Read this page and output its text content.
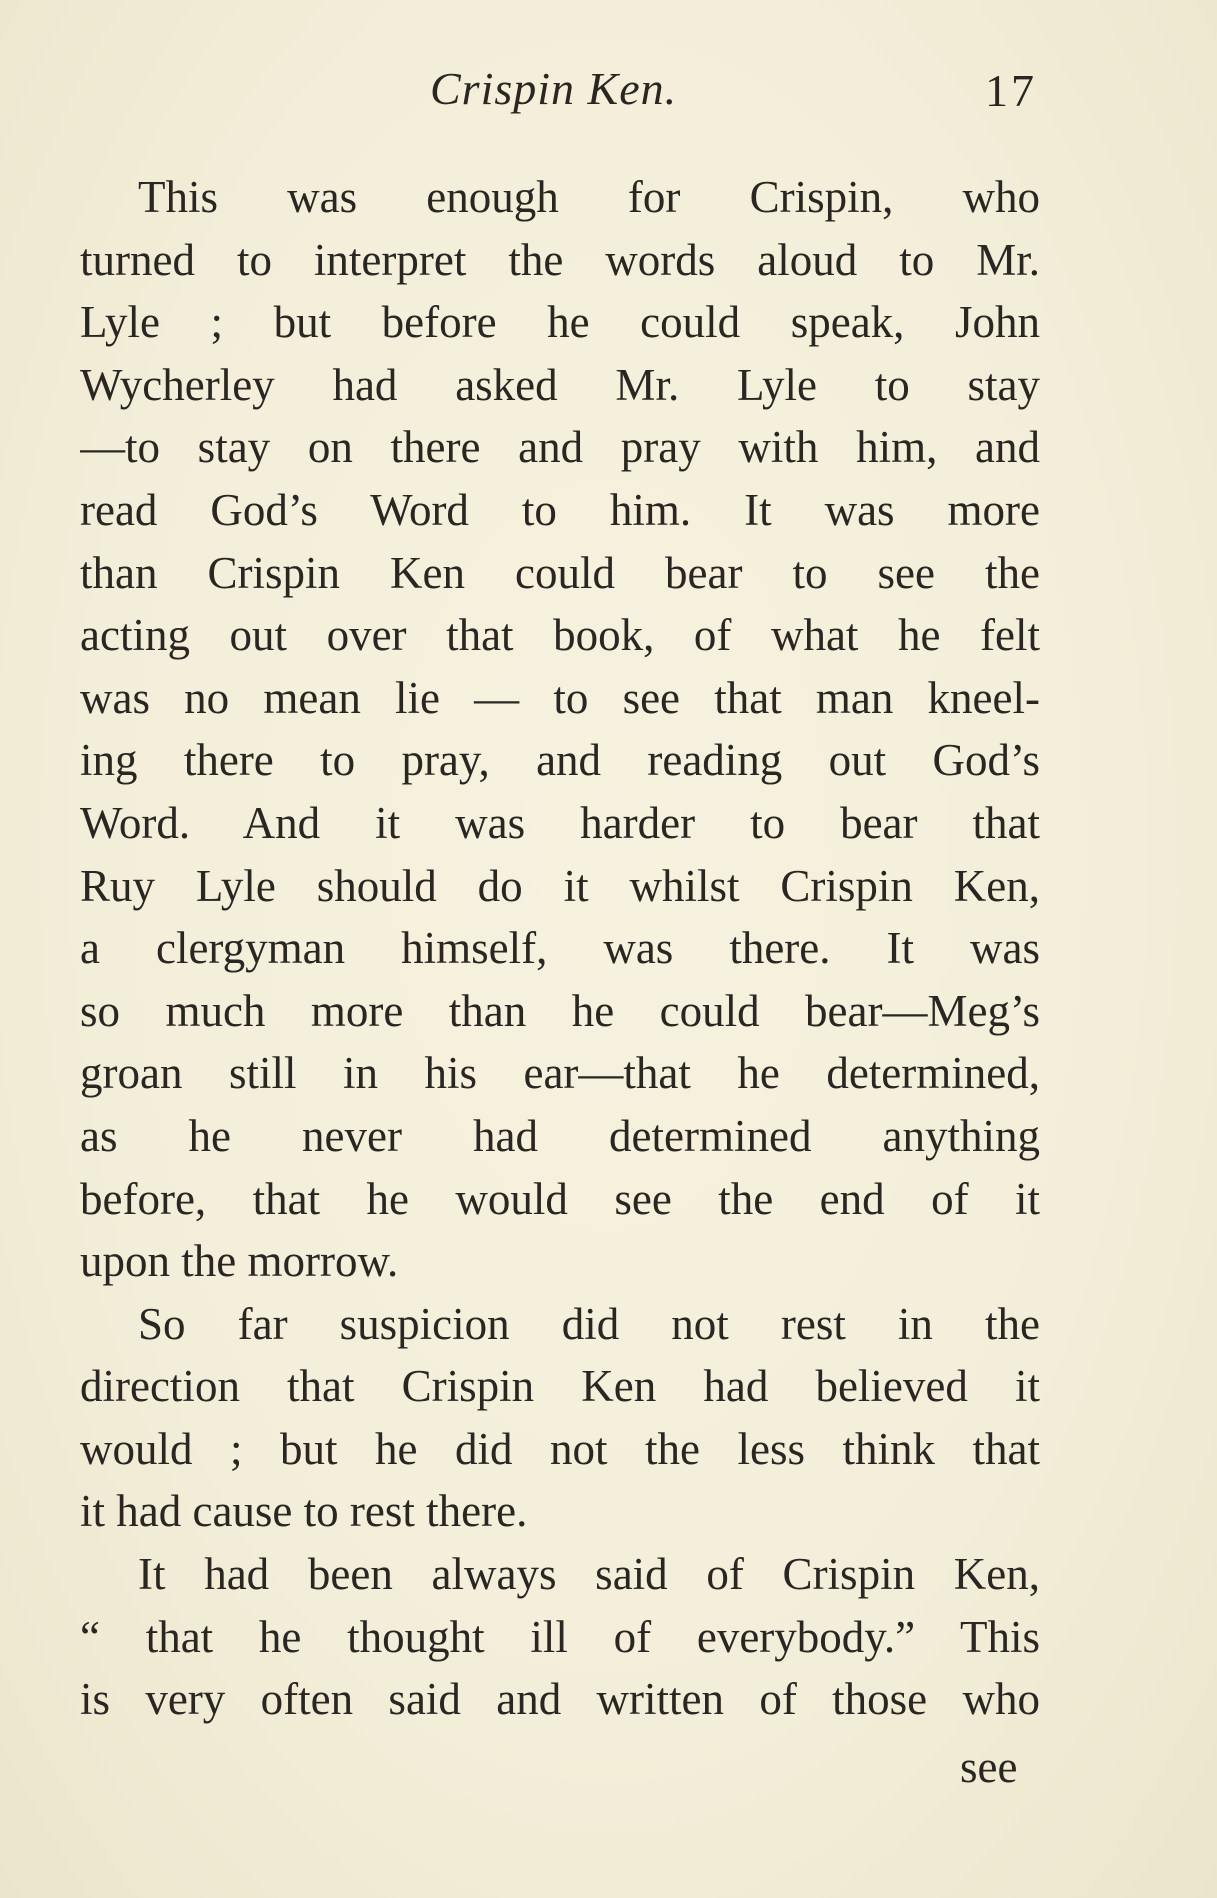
Crispin Ken.	17
This was enough for Crispin, who
turned to interpret the words aloud to Mr.
Lyle ; but before he could speak, John
Wycherley had asked Mr. Lyle to stay
—to stay on there and pray with him, and
read God’s Word to him. It was more
than Crispin Ken could bear to see the
acting out over that book, of what he felt
was no mean lie — to see that man kneel-
ing there to pray, and reading out God’s
Word. And it was harder to bear that
Ruy Lyle should do it whilst Crispin Ken,
a clergyman himself, was there. It was
so much more than he could bear—Meg’s
groan still in his ear—that he determined,
as he never had determined anything
before, that he would see the end of it
upon the morrow.
So far suspicion did not rest in the
direction that Crispin Ken had believed it
would ; but he did not the less think that
it had cause to rest there.
It had been always said of Crispin Ken,
“ that he thought ill of everybody.” This
is very often said and written of those who
see
